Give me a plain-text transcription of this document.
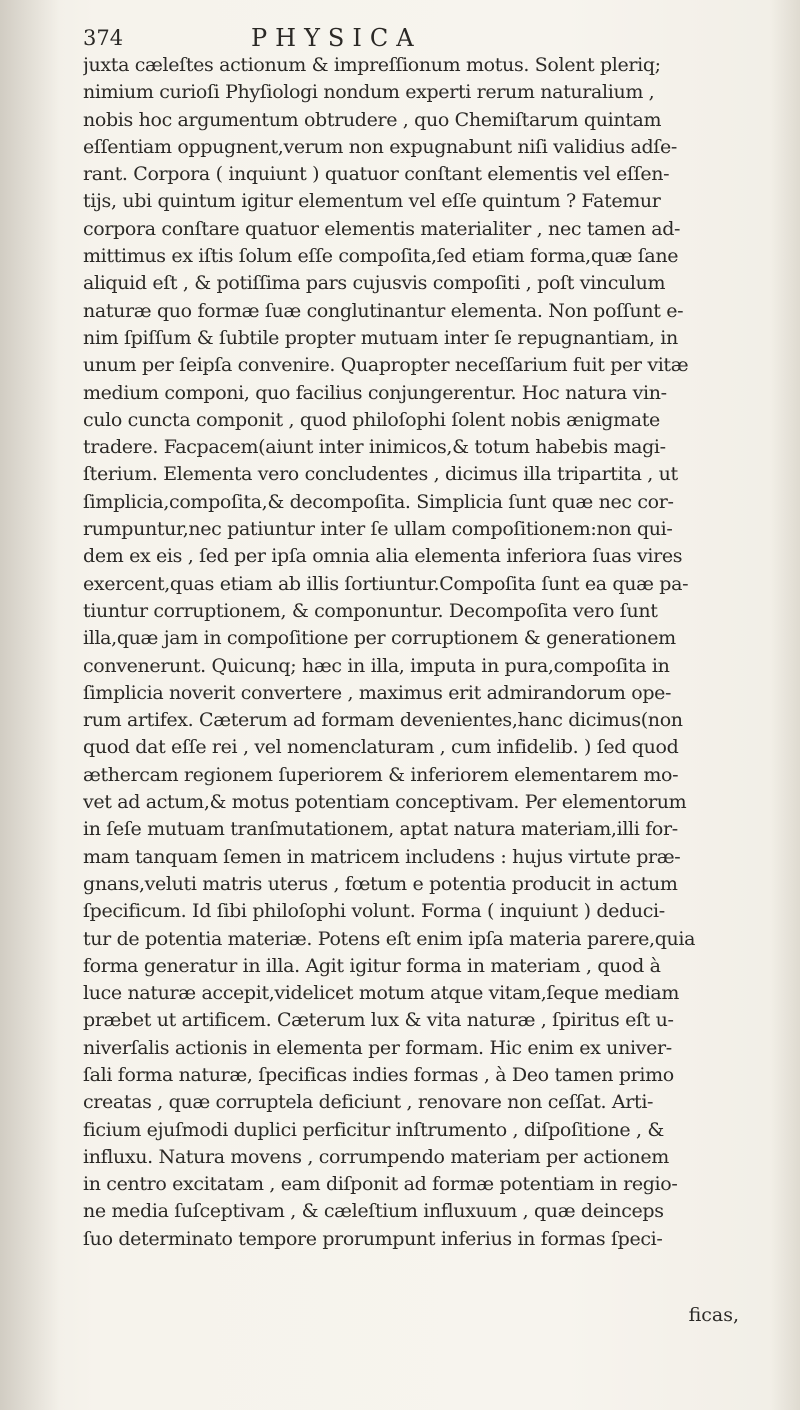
374	PHYSICA
juxta cæleſtes actionum & impreſſionum motus. Solent pleriq;
nimium curioſi Phyſiologi nondum experti rerum naturalium ,
nobis hoc argumentum obtrudere , quo Chemiſtarum quintam
eſſentiam oppugnent,verum non expugnabunt niſi validius adſe-
rant. Corpora ( inquiunt ) quatuor conſtant elementis vel eſſen-
tijs, ubi quintum igitur elementum vel eſſe quintum ? Fatemur
corpora conſtare quatuor elementis materialiter , nec tamen ad-
mittimus ex iſtis ſolum eſſe compoſita,ſed etiam forma,quæ ſane
aliquid eſt , & potiſſima pars cujusvis compoſiti , poſt vinculum
naturæ quo formæ ſuæ conglutinantur elementa. Non poſſunt e-
nim ſpiſſum & ſubtile propter mutuam inter ſe repugnantiam, in
unum per ſeipſa convenire. Quapropter neceſſarium fuit per vitæ
medium componi, quo facilius conjungerentur. Hoc natura vin-
culo cuncta componit , quod philoſophi ſolent nobis ænigmate
tradere. Facpacem(aiunt inter inimicos,& totum habebis magi-
ſterium. Elementa vero concludentes , dicimus illa tripartita , ut
ſimplicia,compoſita,& decompoſita. Simplicia ſunt quæ nec cor-
rumpuntur,nec patiuntur inter ſe ullam compoſitionem:non qui-
dem ex eis , ſed per ipſa omnia alia elementa inferiora ſuas vires
exercent,quas etiam ab illis ſortiuntur.Compoſita ſunt ea quæ pa-
tiuntur corruptionem, & componuntur. Decompoſita vero ſunt
illa,quæ jam in compoſitione per corruptionem & generationem
convenerunt. Quicunq; hæc in illa, imputa in pura,compoſita in
ſimplicia noverit convertere , maximus erit admirandorum ope-
rum artifex. Cæterum ad formam devenientes,hanc dicimus(non
quod dat eſſe rei , vel nomenclaturam , cum infidelib. ) ſed quod
æthercam regionem ſuperiorem & inferiorem elementarem mo-
vet ad actum,& motus potentiam conceptivam. Per elementorum
in ſeſe mutuam tranſmutationem, aptat natura materiam,illi for-
mam tanquam ſemen in matricem includens : hujus virtute præ-
gnans,veluti matris uterus , fœtum e potentia producit in actum
ſpecificum. Id ſibi philoſophi volunt. Forma ( inquiunt ) deduci-
tur de potentia materiæ. Potens eſt enim ipſa materia parere,quia
forma generatur in illa. Agit igitur forma in materiam , quod à
luce naturæ accepit,videlicet motum atque vitam,ſeque mediam
præbet ut artificem. Cæterum lux & vita naturæ , ſpiritus eſt u-
niverſalis actionis in elementa per formam. Hic enim ex univer-
ſali forma naturæ, ſpecificas indies formas , à Deo tamen primo
creatas , quæ corruptela deficiunt , renovare non ceſſat. Arti-
ficium ejuſmodi duplici perficitur inſtrumento , diſpoſitione , &
influxu. Natura movens , corrumpendo materiam per actionem
in centro excitatam , eam diſponit ad formæ potentiam in regio-
ne media ſuſceptivam , & cæleſtium influxuum , quæ deinceps
ſuo determinato tempore prorumpunt inferius in formas ſpeci-
ficas,
